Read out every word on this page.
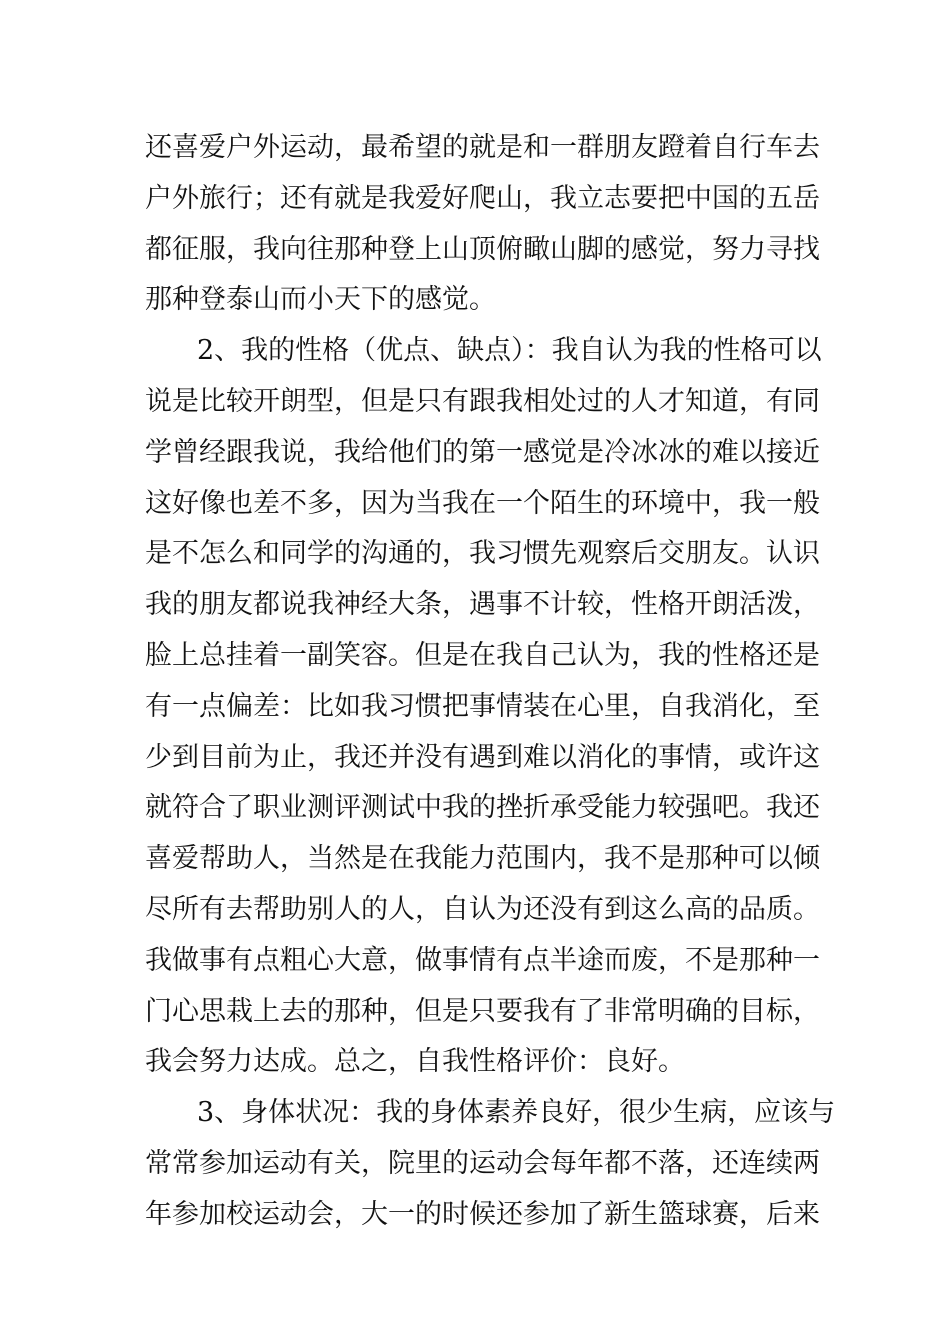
还喜爱户外运动，最希望的就是和一群朋友蹬着自行车去
户外旅行；还有就是我爱好爬山，我立志要把中国的五岳
都征服，我向往那种登上山顶俯瞰山脚的感觉，努力寻找
那种登泰山而小天下的感觉。
2、我的性格（优点、缺点）：我自认为我的性格可以
说是比较开朗型，但是只有跟我相处过的人才知道，有同
学曾经跟我说，我给他们的第一感觉是冷冰冰的难以接近
这好像也差不多，因为当我在一个陌生的环境中，我一般
是不怎么和同学的沟通的，我习惯先观察后交朋友。认识
我的朋友都说我神经大条，遇事不计较，性格开朗活泼，
脸上总挂着一副笑容。但是在我自己认为，我的性格还是
有一点偏差：比如我习惯把事情装在心里，自我消化，至
少到目前为止，我还并没有遇到难以消化的事情，或许这
就符合了职业测评测试中我的挫折承受能力较强吧。我还
喜爱帮助人，当然是在我能力范围内，我不是那种可以倾
尽所有去帮助别人的人，自认为还没有到这么高的品质。
我做事有点粗心大意，做事情有点半途而废，不是那种一
门心思栽上去的那种，但是只要我有了非常明确的目标，
我会努力达成。总之，自我性格评价：良好。
3、身体状况：我的身体素养良好，很少生病，应该与
常常参加运动有关，院里的运动会每年都不落，还连续两
年参加校运动会，大一的时候还参加了新生篮球赛，后来
